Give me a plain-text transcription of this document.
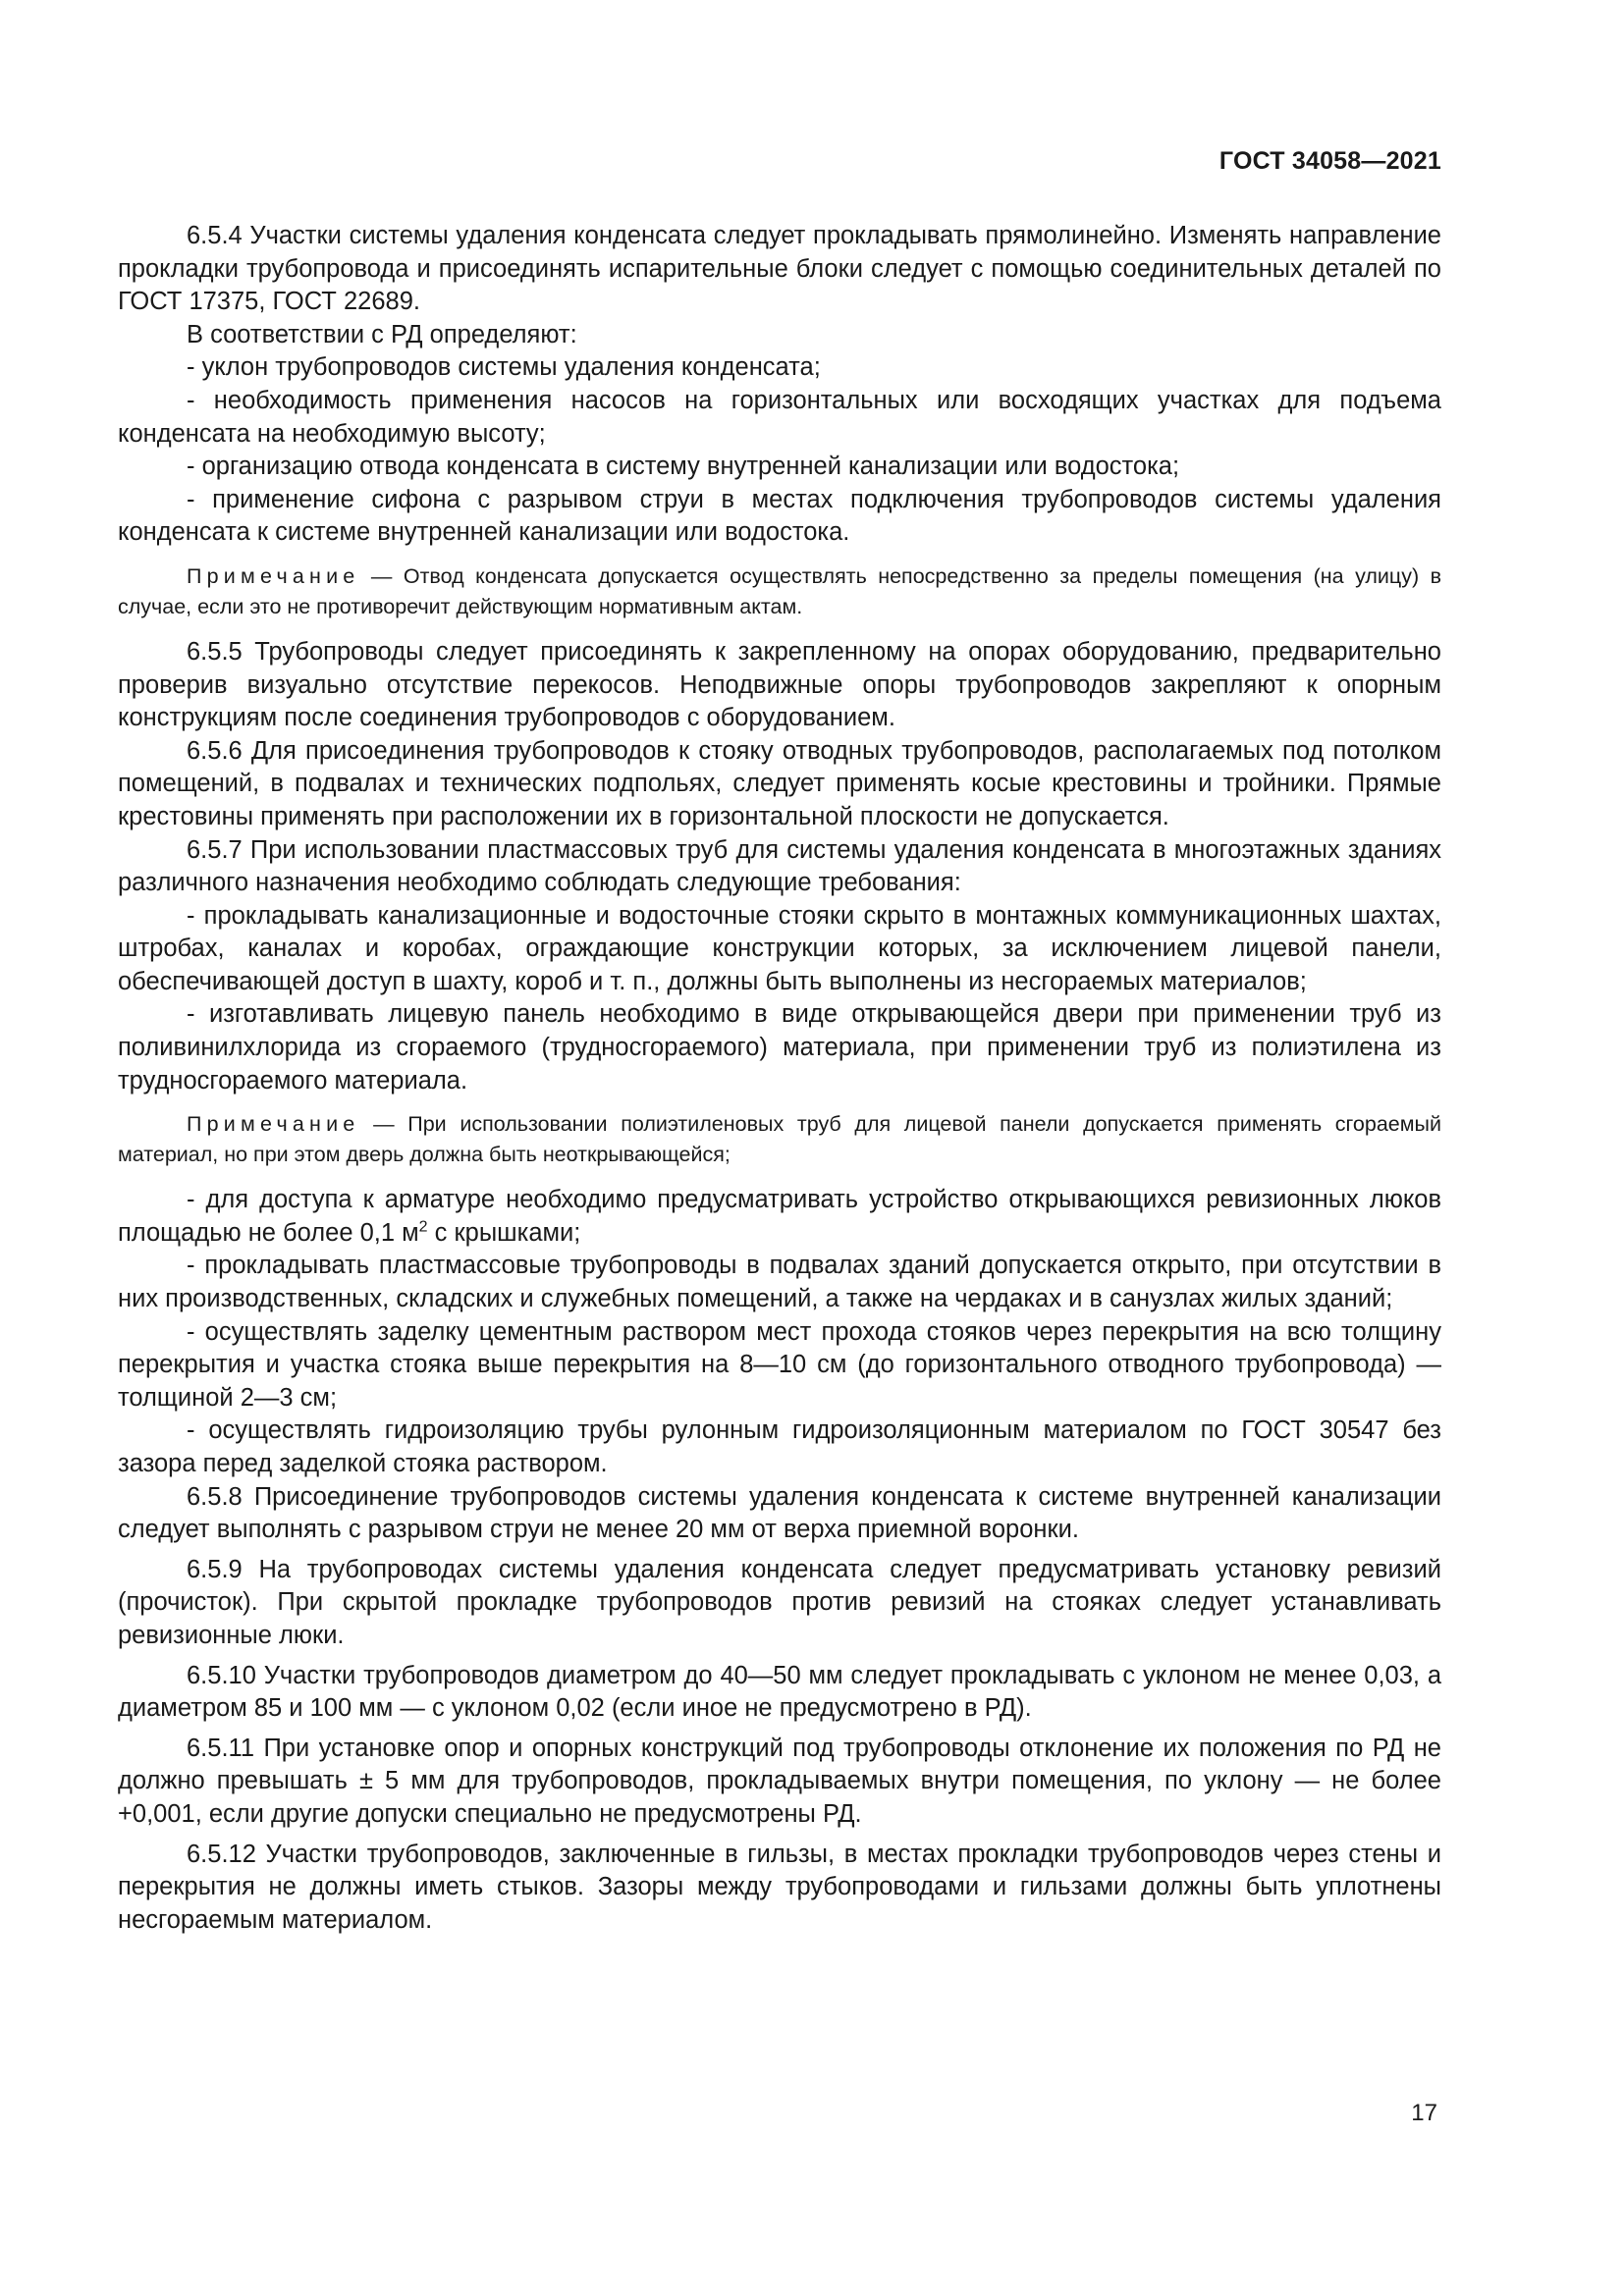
ГОСТ 34058—2021

6.5.4 Участки системы удаления конденсата следует прокладывать прямолинейно. Изменять направление прокладки трубопровода и присоединять испарительные блоки следует с помощью соединительных деталей по ГОСТ 17375, ГОСТ 22689.

В соответствии с РД определяют:

- уклон трубопроводов системы удаления конденсата;

- необходимость применения насосов на горизонтальных или восходящих участках для подъема конденсата на необходимую высоту;

- организацию отвода конденсата в систему внутренней канализации или водостока;

- применение сифона с разрывом струи в местах подключения трубопроводов системы удаления конденсата к системе внутренней канализации или водостока.

Примечание — Отвод конденсата допускается осуществлять непосредственно за пределы помещения (на улицу) в случае, если это не противоречит действующим нормативным актам.

6.5.5 Трубопроводы следует присоединять к закрепленному на опорах оборудованию, предварительно проверив визуально отсутствие перекосов. Неподвижные опоры трубопроводов закрепляют к опорным конструкциям после соединения трубопроводов с оборудованием.

6.5.6 Для присоединения трубопроводов к стояку отводных трубопроводов, располагаемых под потолком помещений, в подвалах и технических подпольях, следует применять косые крестовины и тройники. Прямые крестовины применять при расположении их в горизонтальной плоскости не допускается.

6.5.7 При использовании пластмассовых труб для системы удаления конденсата в многоэтажных зданиях различного назначения необходимо соблюдать следующие требования:

- прокладывать канализационные и водосточные стояки скрыто в монтажных коммуникационных шахтах, штробах, каналах и коробах, ограждающие конструкции которых, за исключением лицевой панели, обеспечивающей доступ в шахту, короб и т. п., должны быть выполнены из несгораемых материалов;

- изготавливать лицевую панель необходимо в виде открывающейся двери при применении труб из поливинилхлорида из сгораемого (трудносгораемого) материала, при применении труб из полиэтилена из трудносгораемого материала.

Примечание — При использовании полиэтиленовых труб для лицевой панели допускается применять сгораемый материал, но при этом дверь должна быть неоткрывающейся;

- для доступа к арматуре необходимо предусматривать устройство открывающихся ревизионных люков площадью не более 0,1 $м^2$ с крышками;

- прокладывать пластмассовые трубопроводы в подвалах зданий допускается открыто, при отсутствии в них производственных, складских и служебных помещений, а также на чердаках и в санузлах жилых зданий;

- осуществлять заделку цементным раствором мест прохода стояков через перекрытия на всю толщину перекрытия и участка стояка выше перекрытия на 8—10 см (до горизонтального отводного трубопровода) — толщиной 2—3 см;

- осуществлять гидроизоляцию трубы рулонным гидроизоляционным материалом по ГОСТ 30547 без зазора перед заделкой стояка раствором.

6.5.8 Присоединение трубопроводов системы удаления конденсата к системе внутренней канализации следует выполнять с разрывом струи не менее 20 мм от верха приемной воронки.

6.5.9 На трубопроводах системы удаления конденсата следует предусматривать установку ревизий (прочисток). При скрытой прокладке трубопроводов против ревизий на стояках следует устанавливать ревизионные люки.

6.5.10 Участки трубопроводов диаметром до 40—50 мм следует прокладывать с уклоном не менее 0,03, а диаметром 85 и 100 мм — с уклоном 0,02 (если иное не предусмотрено в РД).

6.5.11 При установке опор и опорных конструкций под трубопроводы отклонение их положения по РД не должно превышать ± 5 мм для трубопроводов, прокладываемых внутри помещения, по уклону — не более +0,001, если другие допуски специально не предусмотрены РД.

6.5.12 Участки трубопроводов, заключенные в гильзы, в местах прокладки трубопроводов через стены и перекрытия не должны иметь стыков. Зазоры между трубопроводами и гильзами должны быть уплотнены несгораемым материалом.

17
